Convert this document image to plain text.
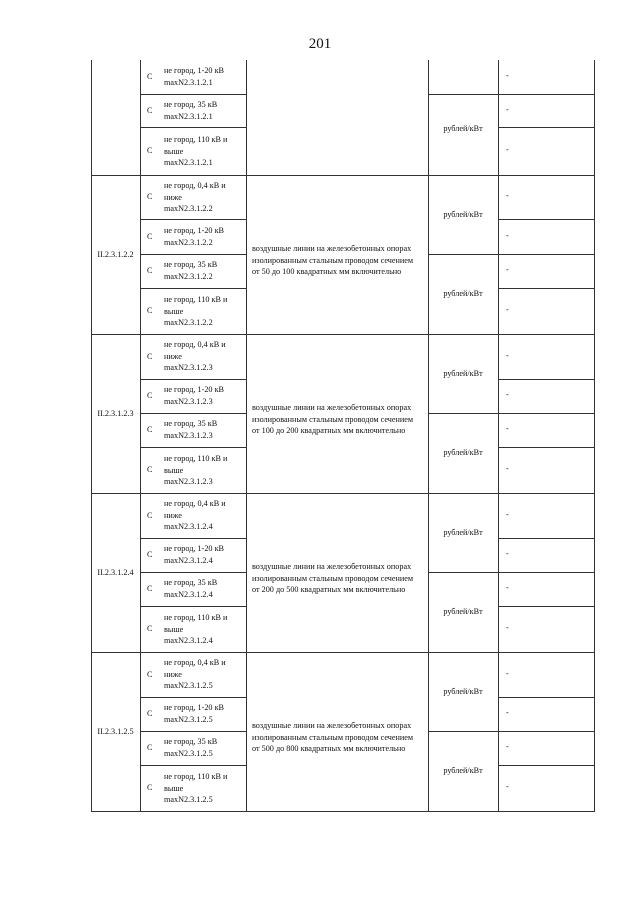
201
С
не город, 1-20 кВ
maxN2.3.1.2.1
-
С
не город, 35 кВ
maxN2.3.1.2.1
-
С
не город, 110 кВ и
выше
maxN2.3.1.2.1
-
рублей/кВт
II.2.3.1.2.2
воздушные линии на железобетонных опорах
изолированным стальным проводом сечением
от 50 до 100 квадратных мм включительно
рублей/кВт
рублей/кВт
С
не город, 0,4 кВ и
ниже
maxN2.3.1.2.2
-
С
не город, 1-20 кВ
maxN2.3.1.2.2
-
С
не город, 35 кВ
maxN2.3.1.2.2
-
С
не город, 110 кВ и
выше
maxN2.3.1.2.2
-
II.2.3.1.2.3
воздушные линии на железобетонных опорах
изолированным стальным проводом сечением
от 100 до 200 квадратных мм включительно
рублей/кВт
рублей/кВт
С
не город, 0,4 кВ и
ниже
maxN2.3.1.2.3
-
С
не город, 1-20 кВ
maxN2.3.1.2.3
-
С
не город, 35 кВ
maxN2.3.1.2.3
-
С
не город, 110 кВ и
выше
maxN2.3.1.2.3
-
II.2.3.1.2.4
воздушные линии на железобетонных опорах
изолированным стальным проводом сечением
от 200 до 500 квадратных мм включительно
рублей/кВт
рублей/кВт
С
не город, 0,4 кВ и
ниже
maxN2.3.1.2.4
-
С
не город, 1-20 кВ
maxN2.3.1.2.4
-
С
не город, 35 кВ
maxN2.3.1.2.4
-
С
не город, 110 кВ и
выше
maxN2.3.1.2.4
-
II.2.3.1.2.5
воздушные линии на железобетонных опорах
изолированным стальным проводом сечением
от 500 до 800 квадратных мм включительно
рублей/кВт
рублей/кВт
С
не город, 0,4 кВ и
ниже
maxN2.3.1.2.5
-
С
не город, 1-20 кВ
maxN2.3.1.2.5
-
С
не город, 35 кВ
maxN2.3.1.2.5
-
С
не город, 110 кВ и
выше
maxN2.3.1.2.5
-
